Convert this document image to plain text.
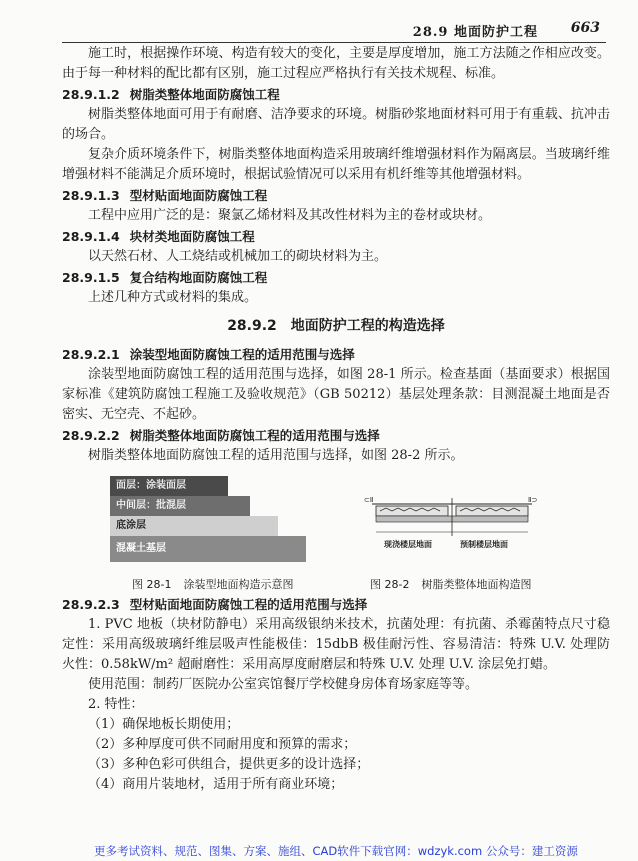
28.9 地面防护工程 663

施工时，根据操作环境、构造有较大的变化，主要是厚度增加，施工方法随之作相应改变。由于每一种材料的配比都有区别，施工过程应严格执行有关技术规程、标准。

28.9.1.2 树脂类整体地面防腐蚀工程

树脂类整体地面可用于有耐磨、洁净要求的环境。树脂砂浆地面材料可用于有重载、抗冲击的场合。

复杂介质环境条件下，树脂类整体地面构造采用玻璃纤维增强材料作为隔离层。当玻璃纤维增强材料不能满足介质环境时，根据试验情况可以采用有机纤维等其他增强材料。

28.9.1.3 型材贴面地面防腐蚀工程

工程中应用广泛的是：聚氯乙烯材料及其改性材料为主的卷材或块材。

28.9.1.4 块材类地面防腐蚀工程

以天然石材、人工烧结或机械加工的砌块材料为主。

28.9.1.5 复合结构地面防腐蚀工程

上述几种方式或材料的集成。

28.9.2 地面防护工程的构造选择
28.9.2.1 涂装型地面防腐蚀工程的适用范围与选择

涂装型地面防腐蚀工程的适用范围与选择，如图 28-1 所示。检查基面（基面要求）根据国家标准《建筑防腐蚀工程施工及验收规范》（GB 50212）基层处理条款：目测混凝土地面是否密实、无空壳、不起砂。

28.9.2.2 树脂类整体地面防腐蚀工程的适用范围与选择

树脂类整体地面防腐蚀工程的适用范围与选择，如图 28-2 所示。

面层：涂装面层
中间层：批混层
底涂层
混凝土基层
⊂Ⅱ	Ⅱ⊃
现浇楼层地面	预制楼层地面
图 28-1 涂装型地面构造示意图	图 28-2 树脂类整体地面构造图
28.9.2.3 型材贴面地面防腐蚀工程的适用范围与选择

1. PVC 地板（块材防静电）采用高级银纳米技术，抗菌处理：有抗菌、杀霉菌特点尺寸稳定性：采用高级玻璃纤维层吸声性能极佳：15dbB 极佳耐污性、容易清洁：特殊 U.V. 处理防火性：0.58kW/m² 超耐磨性：采用高厚度耐磨层和特殊 U.V. 处理 U.V. 涂层免打蜡。

使用范围：制药厂医院办公室宾馆餐厅学校健身房体育场家庭等等。

2. 特性：

（1）确保地板长期使用；

（2）多种厚度可供不同耐用度和预算的需求；

（3）多种色彩可供组合，提供更多的设计选择；

（4）商用片装地材，适用于所有商业环境；

更多考试资料、规范、图集、方案、施组、CAD软件下载官网：wdzyk.com 公众号：建工资源
